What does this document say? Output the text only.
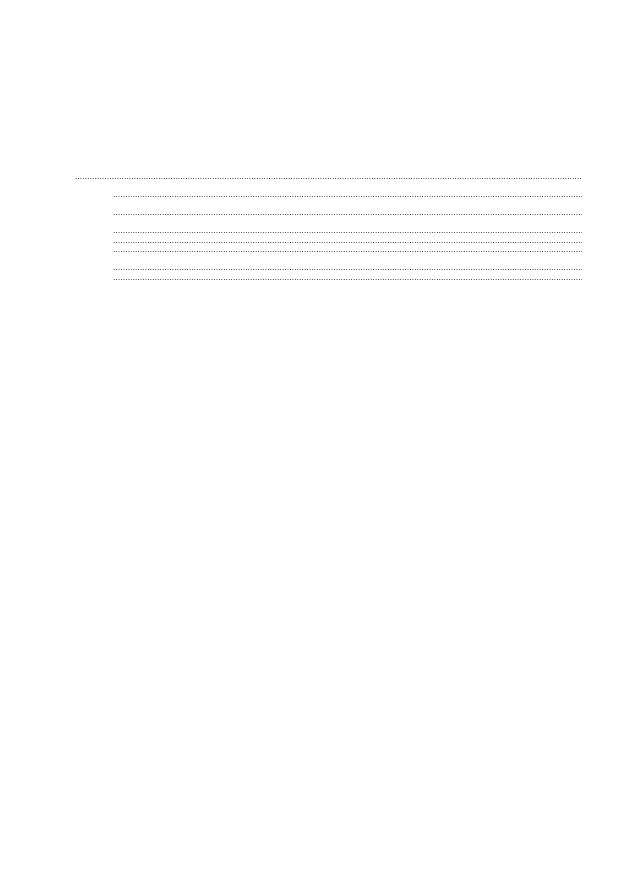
.....
.....
.....
.....
.....
.....
.....
.....
